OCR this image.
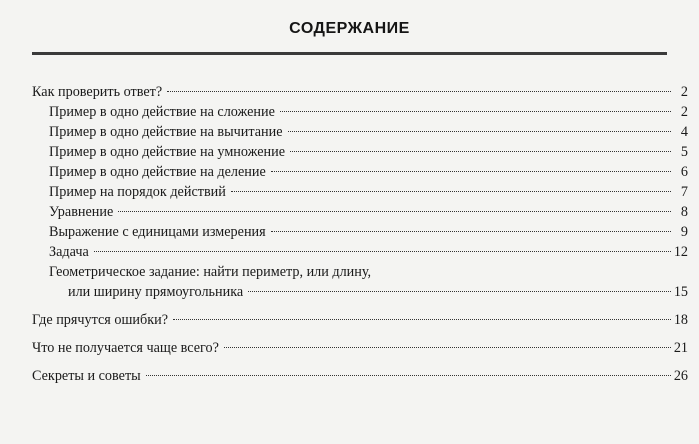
СОДЕРЖАНИЕ
Как проверить ответ?	2
Пример в одно действие на сложение	2
Пример в одно действие на вычитание	4
Пример в одно действие на умножение	5
Пример в одно действие на деление	6
Пример на порядок действий	7
Уравнение	8
Выражение с единицами измерения	9
Задача	12
Геометрическое задание: найти периметр, или длину,
или ширину прямоугольника	15
Где прячутся ошибки?	18
Что не получается чаще всего?	21
Секреты и советы	26
